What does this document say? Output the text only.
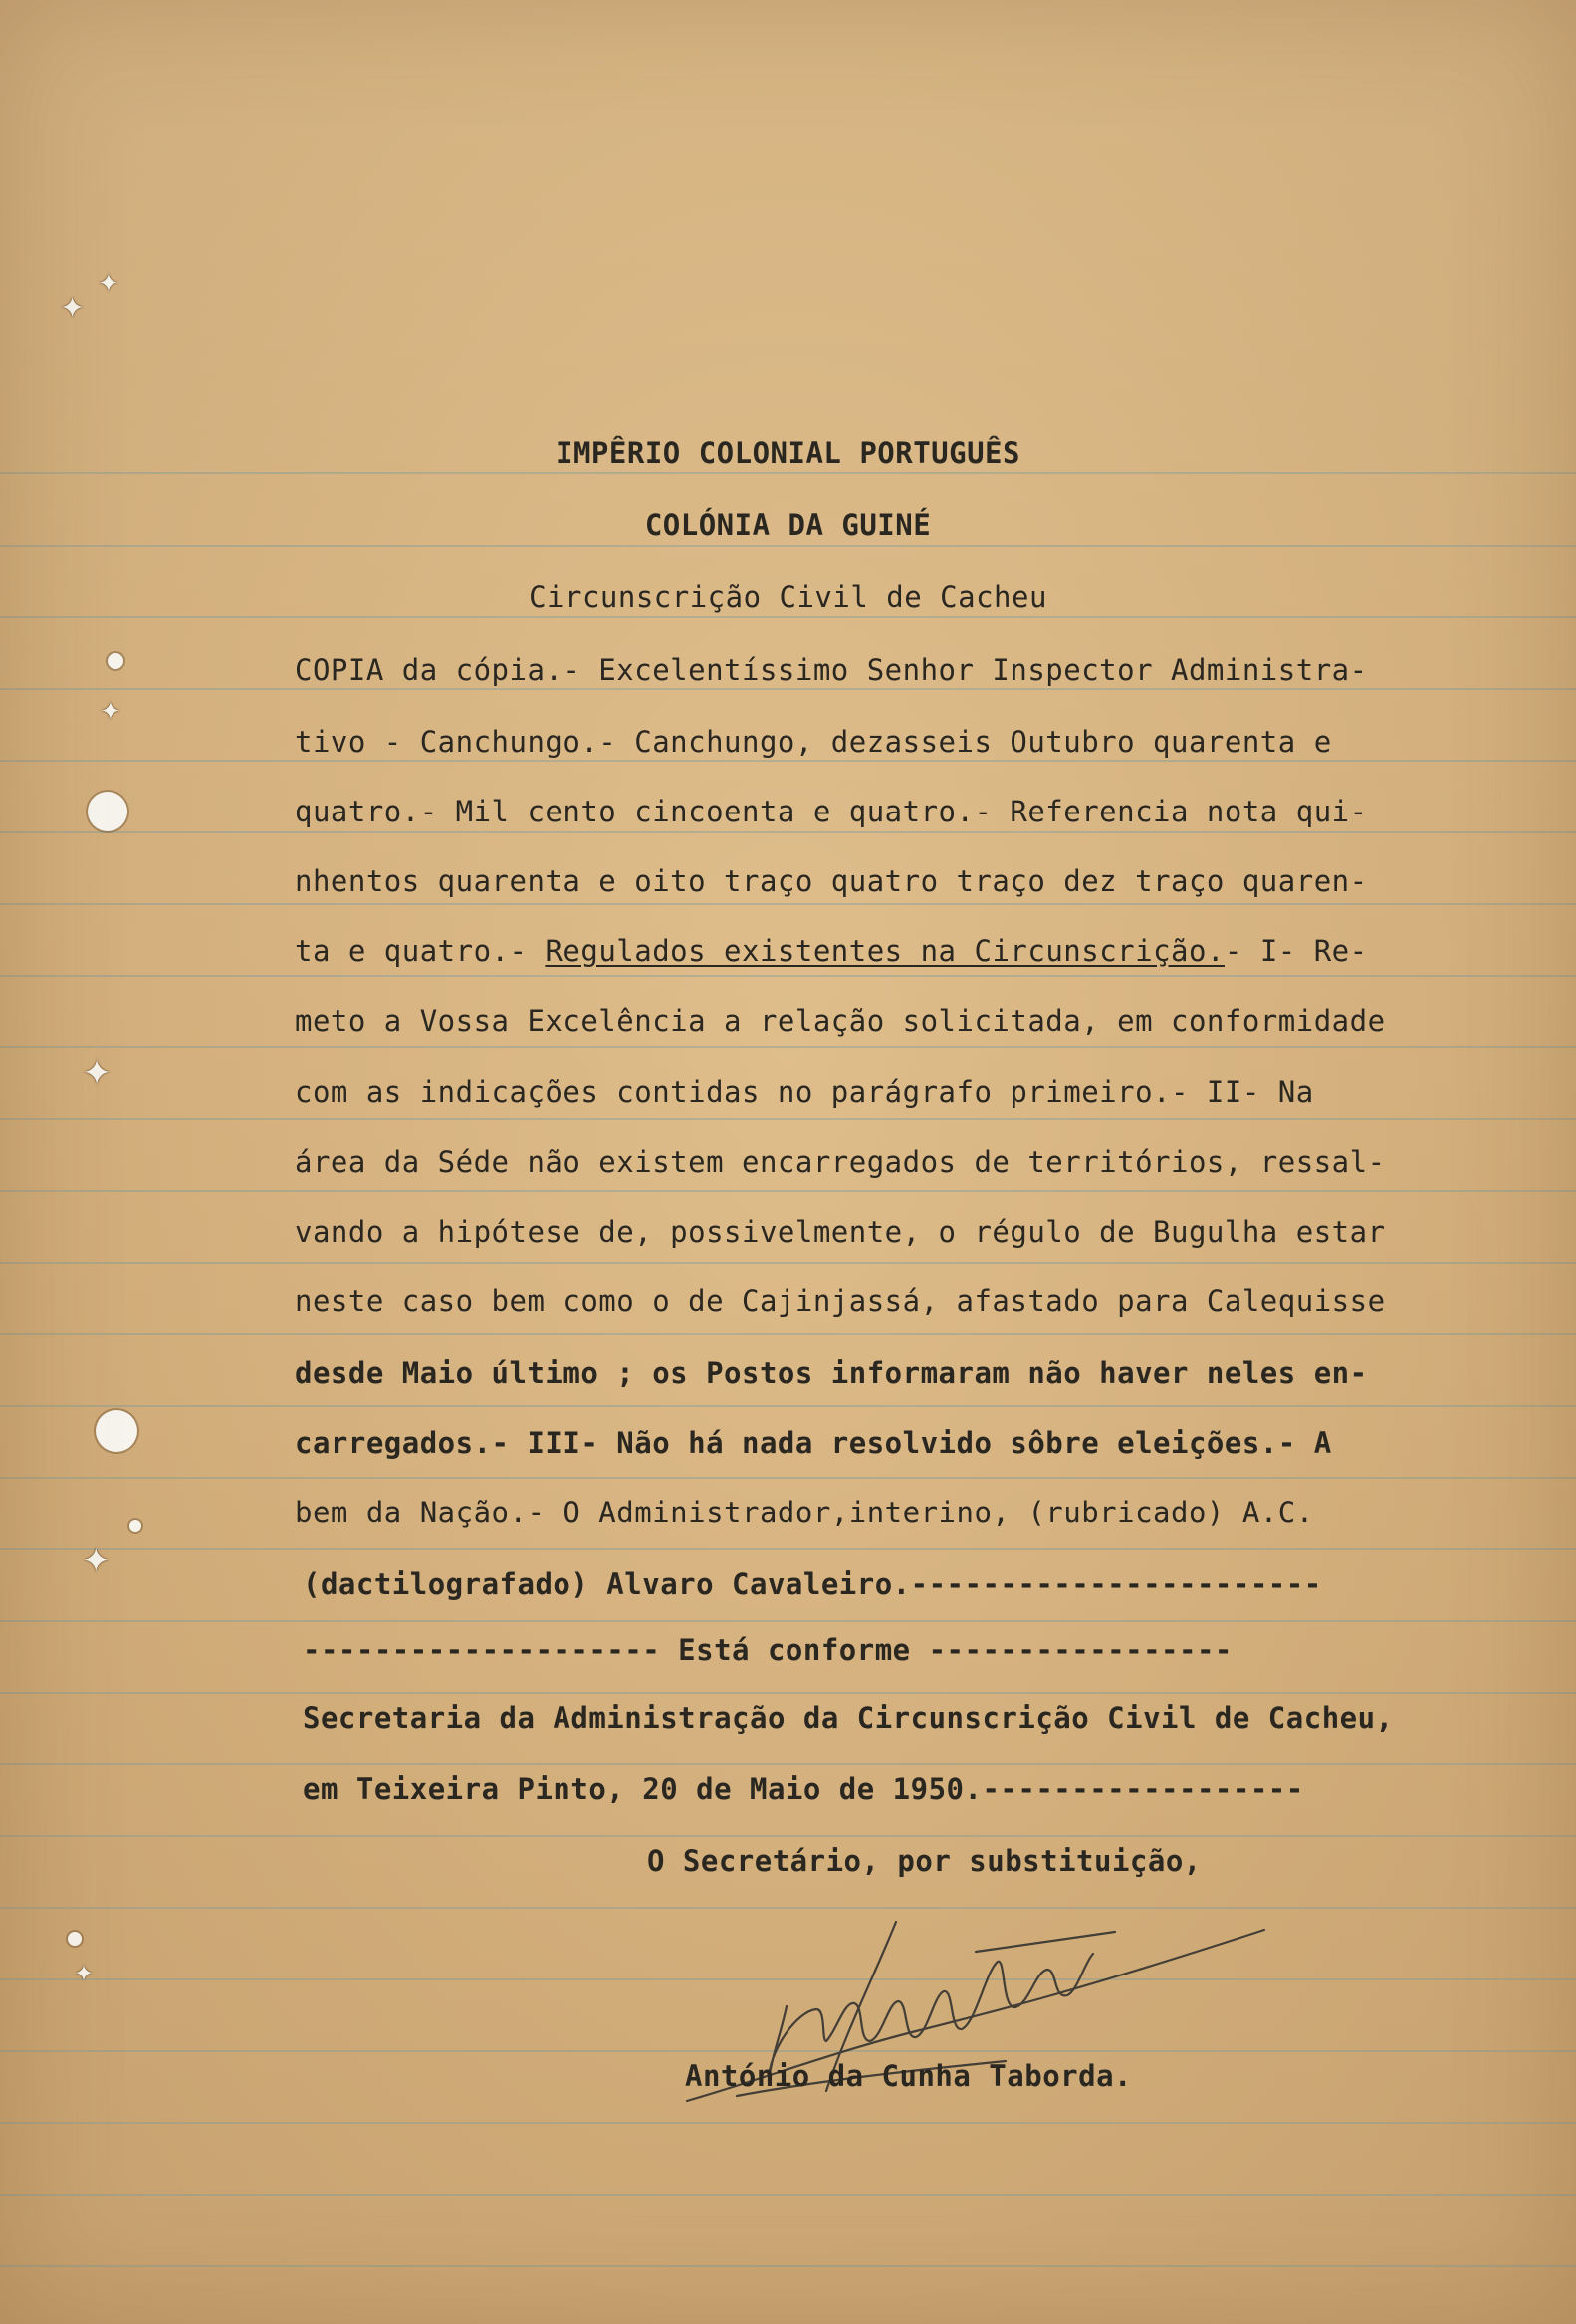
✦
✦
✦
✦
✦
✦
IMPÊRIO COLONIAL PORTUGUÊS
COLÓNIA DA GUINÉ
Circunscrição Civil de Cacheu
COPIA da cópia.- Excelentíssimo Senhor Inspector Administra-
tivo - Canchungo.- Canchungo, dezasseis Outubro quarenta e
quatro.- Mil cento cincoenta e quatro.- Referencia nota qui-
nhentos quarenta e oito traço quatro traço dez traço quaren-
ta e quatro.- Regulados existentes na Circunscrição.- I- Re-
meto a Vossa Excelência a relação solicitada, em conformidade
com as indicações contidas no parágrafo primeiro.- II- Na
área da Séde não existem encarregados de territórios, ressal-
vando a hipótese de, possivelmente, o régulo de Bugulha estar
neste caso bem como o de Cajinjassá, afastado para Calequisse
desde Maio último ; os Postos informaram não haver neles en-
carregados.- III- Não há nada resolvido sôbre eleições.- A
bem da Nação.- O Administrador,interino, (rubricado) A.C.
(dactilografado) Alvaro Cavaleiro.-----------------------
-------------------- Está conforme -----------------
Secretaria da Administração da Circunscrição Civil de Cacheu,
em Teixeira Pinto, 20 de Maio de 1950.------------------
O Secretário, por substituição,
António da Cunha Taborda.
